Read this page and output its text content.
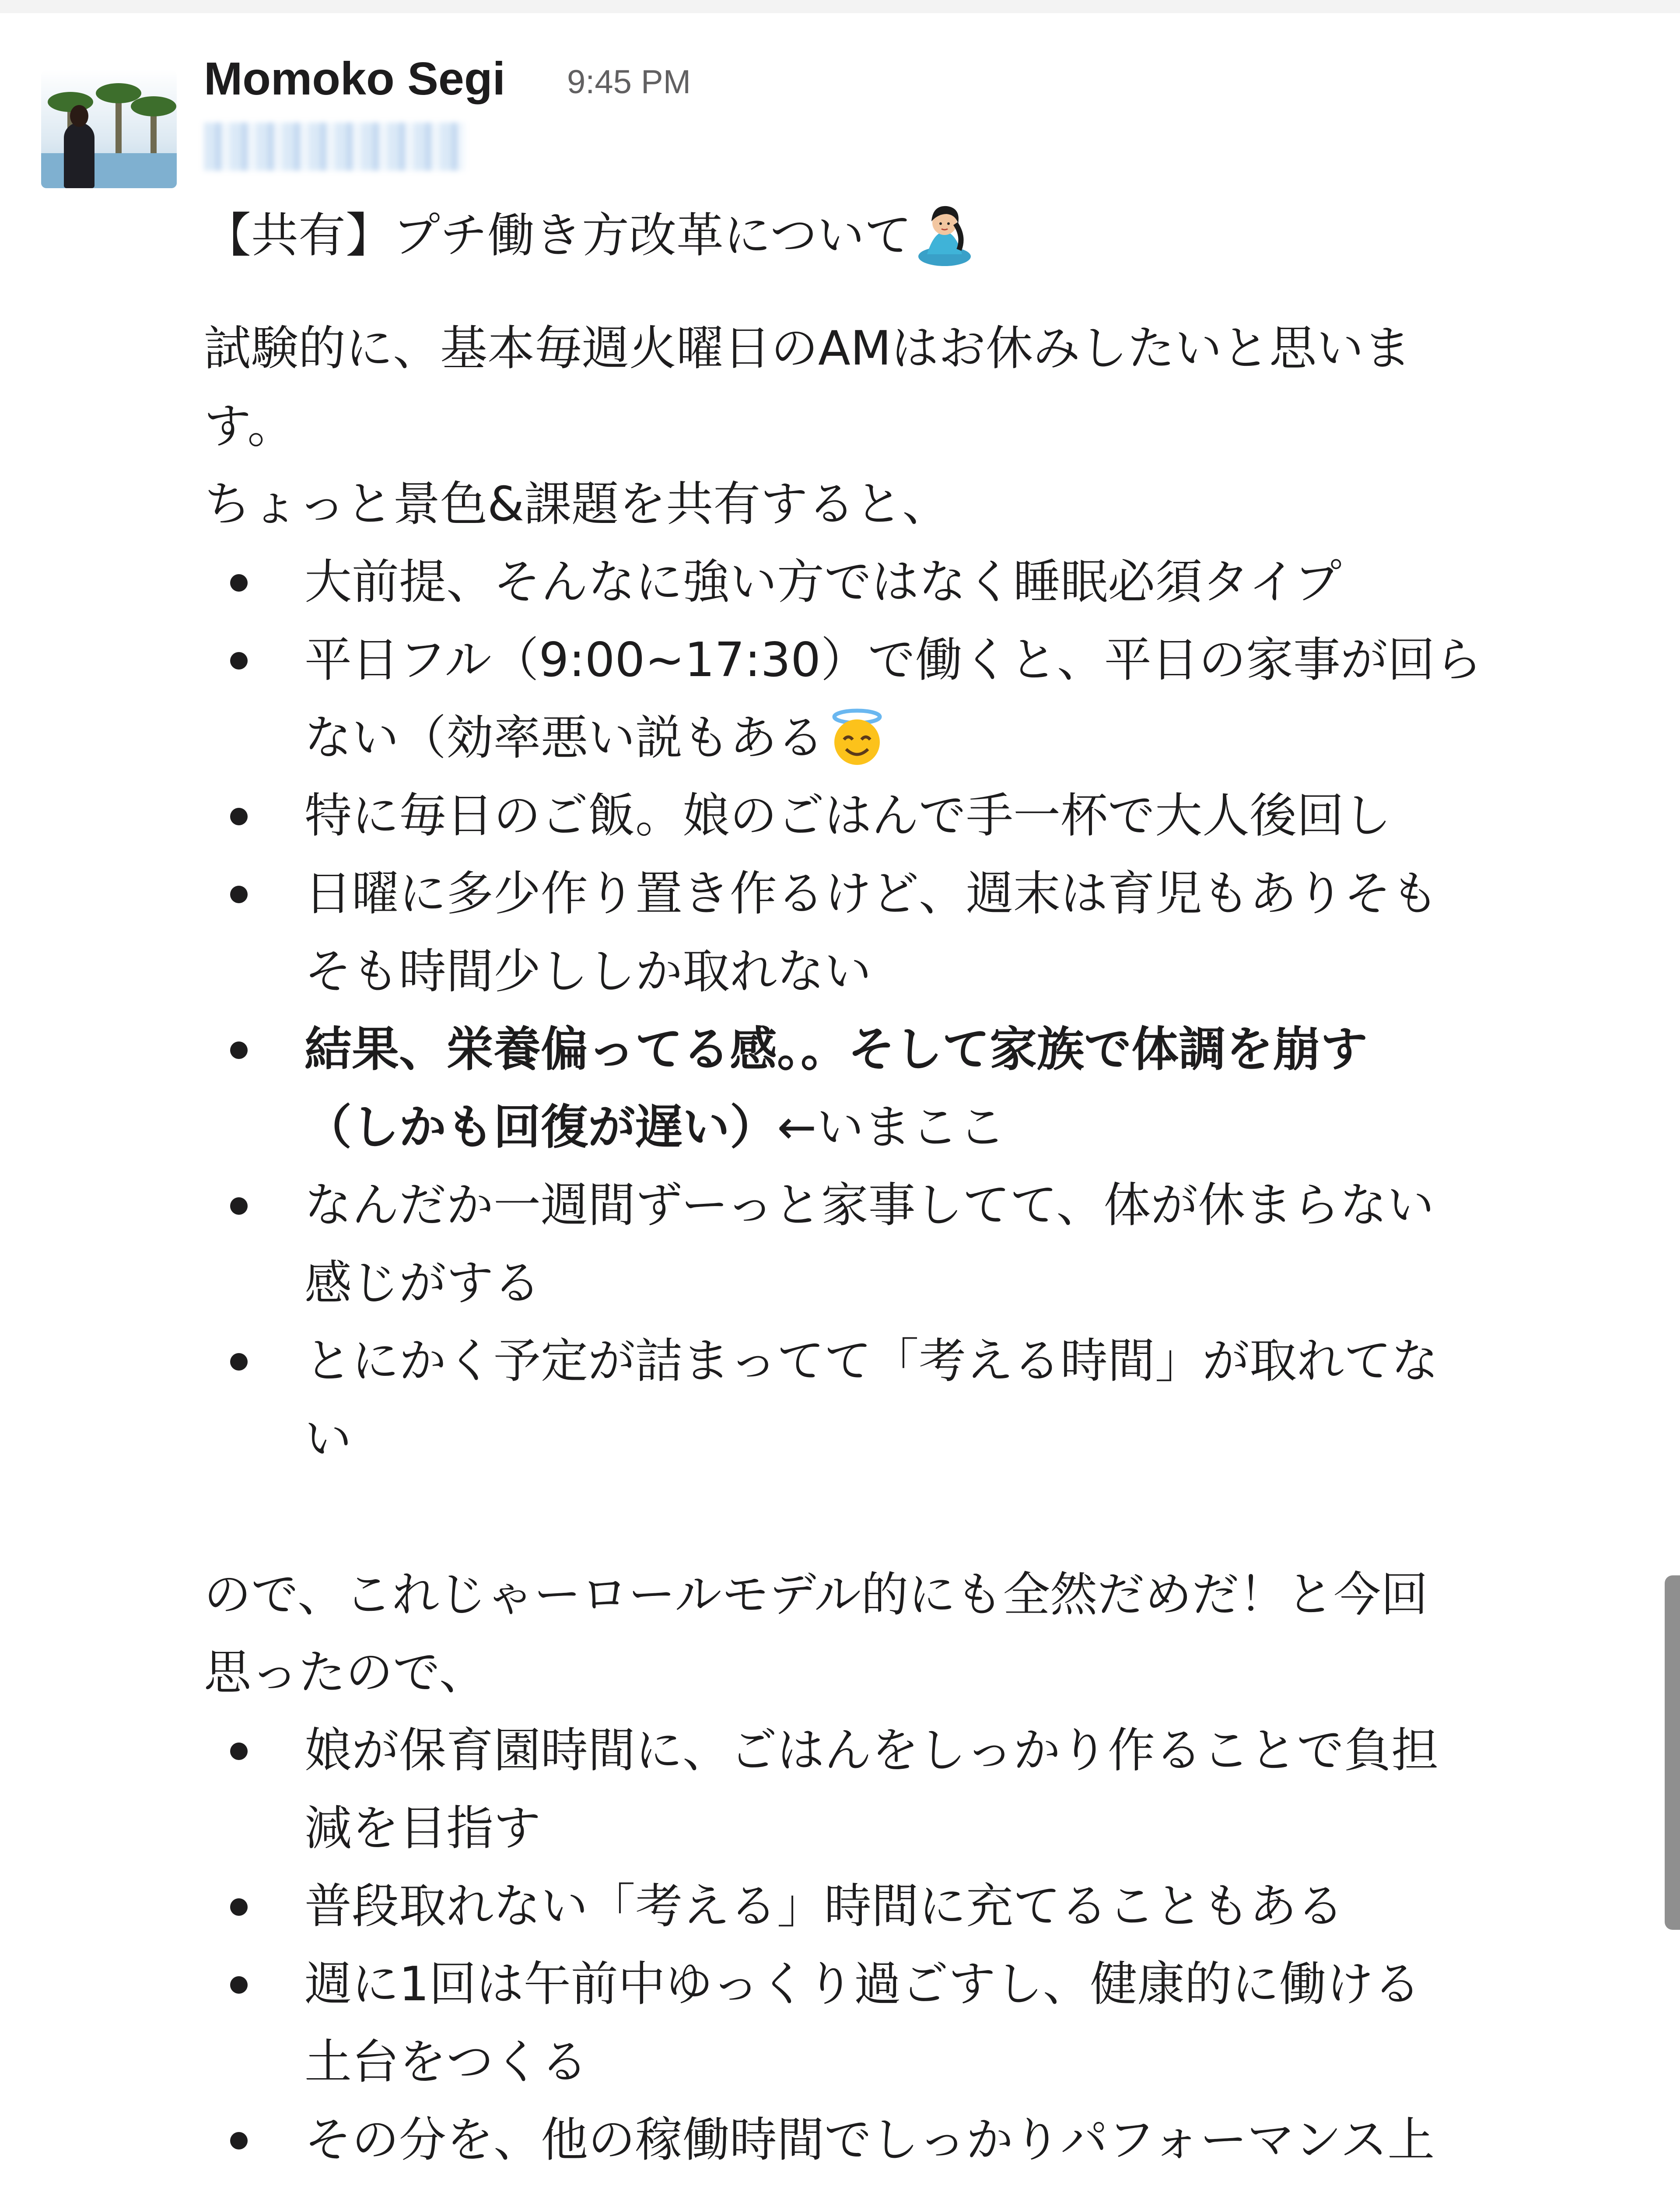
Momoko Segi 9:45 PM
【共有】プチ働き方改革について
試験的に、基本毎週火曜日のAMはお休みしたいと思いま
す。
ちょっと景色&課題を共有すると、
大前提、そんなに強い方ではなく睡眠必須タイプ
平日フル（9:00~17:30）で働くと、平日の家事が回ら
ない（効率悪い説もある
特に毎日のご飯。娘のごはんで手一杯で大人後回し
日曜に多少作り置き作るけど、週末は育児もありそも
そも時間少ししか取れない
結果、栄養偏ってる感。。そして家族で体調を崩す
（しかも回復が遅い）←いまここ
なんだか一週間ずーっと家事してて、体が休まらない
感じがする
とにかく予定が詰まってて「考える時間」が取れてな
い
ので、これじゃーロールモデル的にも全然だめだ！と今回
思ったので、
娘が保育園時間に、ごはんをしっかり作ることで負担
減を目指す
普段取れない「考える」時間に充てることもある
週に1回は午前中ゆっくり過ごすし、健康的に働ける
土台をつくる
その分を、他の稼働時間でしっかりパフォーマンス上
